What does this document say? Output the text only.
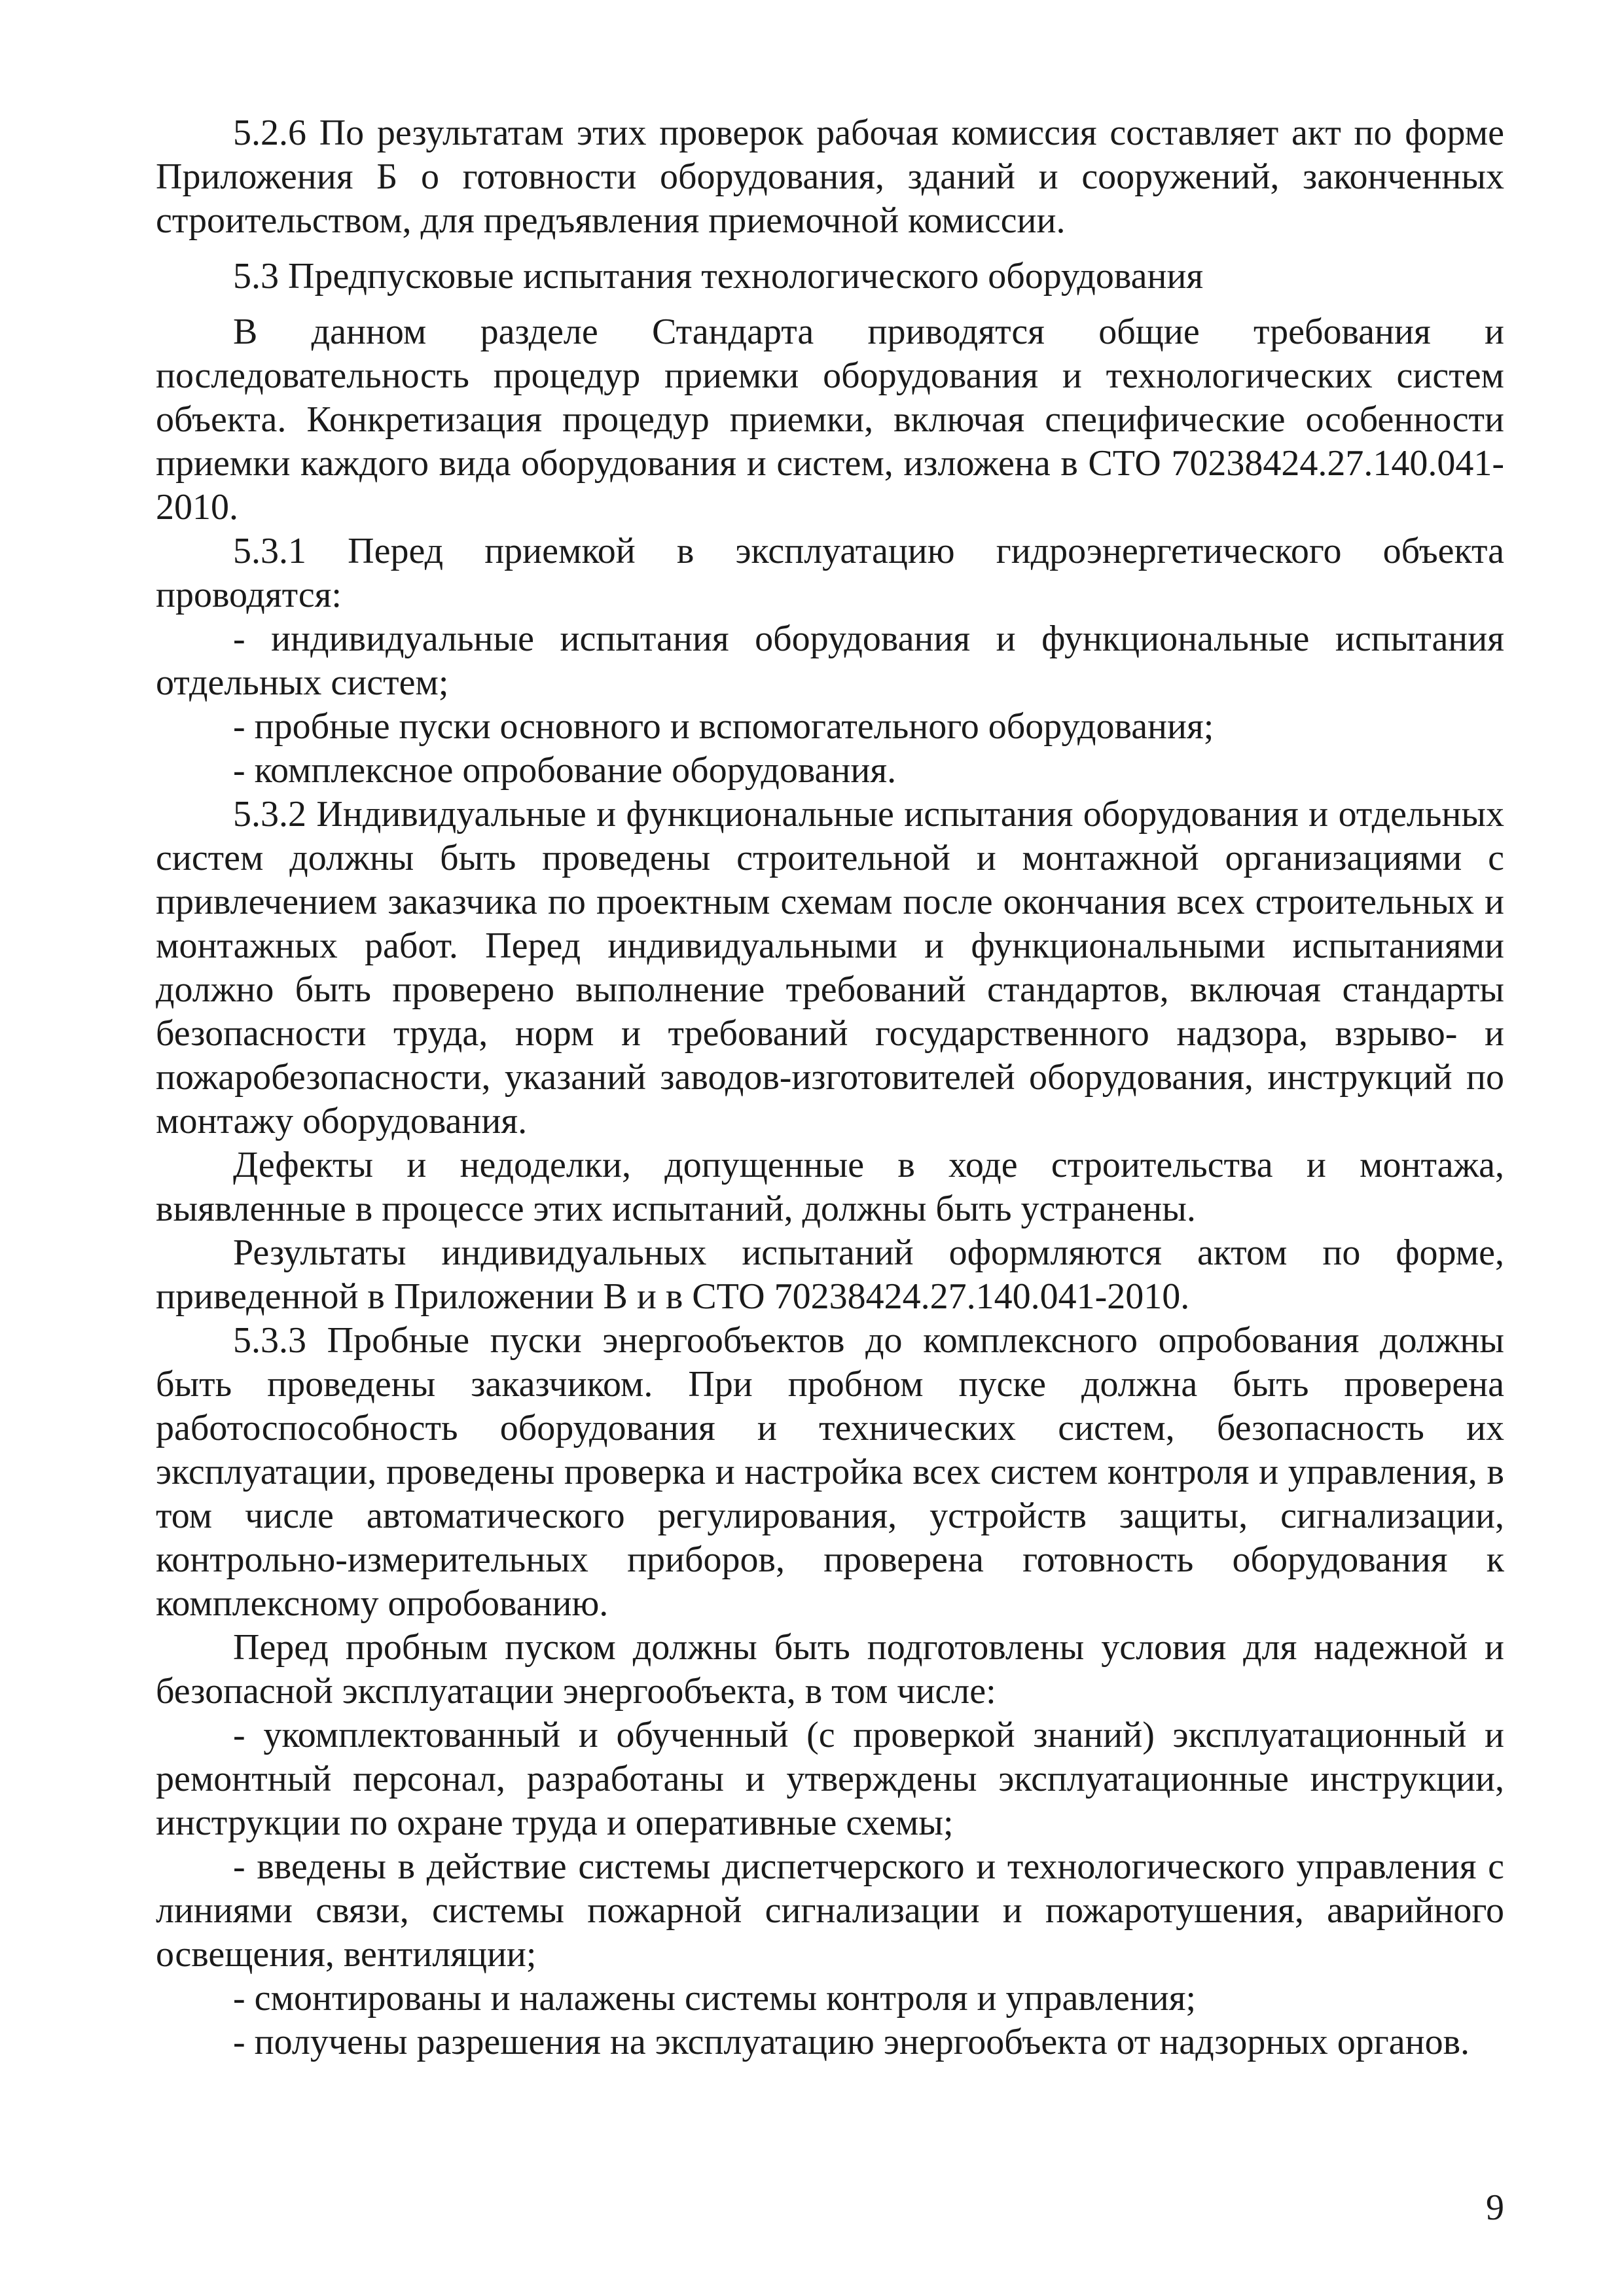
5.2.6 По результатам этих проверок рабочая комиссия составляет акт по форме Приложения Б о готовности оборудования, зданий и сооружений, законченных строительством, для предъявления приемочной комиссии.

5.3 Предпусковые испытания технологического оборудования

В данном разделе Стандарта приводятся общие требования и последовательность процедур приемки оборудования и технологических систем объекта. Конкретизация процедур приемки, включая специфические особенности приемки каждого вида оборудования и систем, изложена в СТО 70238424.27.140.041-2010.

5.3.1 Перед приемкой в эксплуатацию гидроэнергетического объекта проводятся:

- индивидуальные испытания оборудования и функциональные испытания отдельных систем;

- пробные пуски основного и вспомогательного оборудования;

- комплексное опробование оборудования.

5.3.2 Индивидуальные и функциональные испытания оборудования и отдельных систем должны быть проведены строительной и монтажной организациями с привлечением заказчика по проектным схемам после окончания всех строительных и монтажных работ. Перед индивидуальными и функциональными испытаниями должно быть проверено выполнение требований стандартов, включая стандарты безопасности труда, норм и требований государственного надзора, взрыво- и пожаробезопасности, указаний заводов-изготовителей оборудования, инструкций по монтажу оборудования.

Дефекты и недоделки, допущенные в ходе строительства и монтажа, выявленные в процессе этих испытаний, должны быть устранены.

Результаты индивидуальных испытаний оформляются актом по форме, приведенной в Приложении В и в СТО 70238424.27.140.041-2010.

5.3.3 Пробные пуски энергообъектов до комплексного опробования должны быть проведены заказчиком. При пробном пуске должна быть проверена работоспособность оборудования и технических систем, безопасность их эксплуатации, проведены проверка и настройка всех систем контроля и управления, в том числе автоматического регулирования, устройств защиты, сигнализации, контрольно-измерительных приборов, проверена готовность оборудования к комплексному опробованию.

Перед пробным пуском должны быть подготовлены условия для надежной и безопасной эксплуатации энергообъекта, в том числе:

- укомплектованный и обученный (с проверкой знаний) эксплуатационный и ремонтный персонал, разработаны и утверждены эксплуатационные инструкции, инструкции по охране труда и оперативные схемы;

- введены в действие системы диспетчерского и технологического управления с линиями связи, системы пожарной сигнализации и пожаротушения, аварийного освещения, вентиляции;

- смонтированы и налажены системы контроля и управления;

- получены разрешения на эксплуатацию энергообъекта от надзорных органов.

9
